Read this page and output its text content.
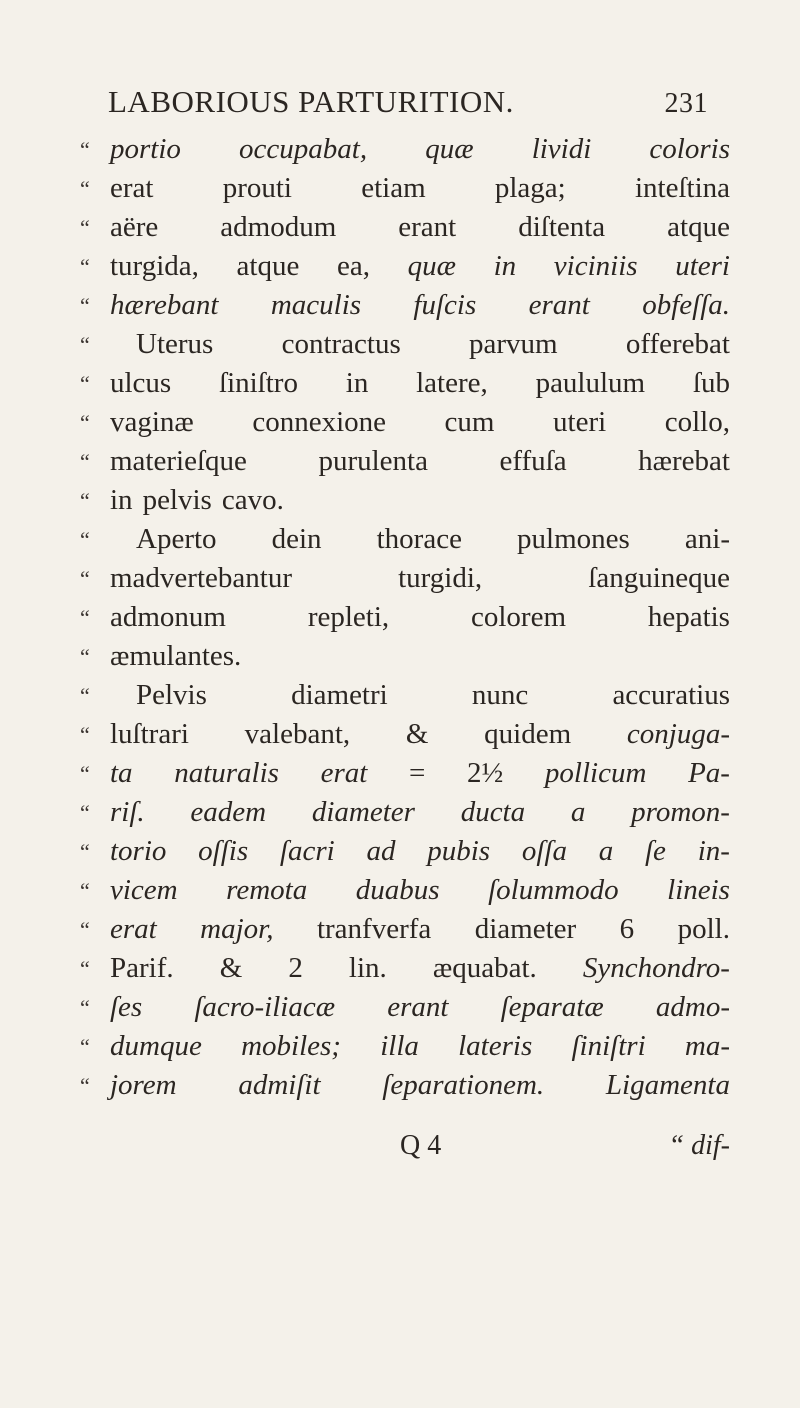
LABORIOUS PARTURITION.	231
“ portio occupabat, quæ lividi coloris
“ erat prouti etiam plaga; inteſtina
“ aëre admodum erant diſtenta atque
“ turgida, atque ea, quæ in viciniis uteri
“ hærebant maculis fuſcis erant obfeſſa.
“	Uterus contractus parvum offerebat
“ ulcus ſiniſtro in latere, paululum ſub
“ vaginæ connexione cum uteri collo,
“ materieſque purulenta effuſa hærebat
“ in pelvis cavo.
“	Aperto dein thorace pulmones ani-
“ madvertebantur	turgidi,	ſanguineque
“ admonum	repleti,	colorem	hepatis
“ æmulantes.
“	Pelvis	diametri	nunc	accuratius
“ luſtrari valebant, & quidem conjuga-
“ ta naturalis erat = 2½ pollicum Pa-
“ riſ. eadem diameter ducta a promon-
“ torio oſſis ſacri ad pubis oſſa a ſe in-
“ vicem remota duabus ſolummodo lineis
“ erat major, tranfverfa diameter 6 poll.
“ Parif. & 2 lin. æquabat. Synchondro-
“ ſes ſacro-iliacæ erant ſeparatæ admo-
“ dumque mobiles; illa lateris ſiniſtri ma-
“ jorem admiſit ſeparationem. Ligamenta
Q 4	“ dif-
